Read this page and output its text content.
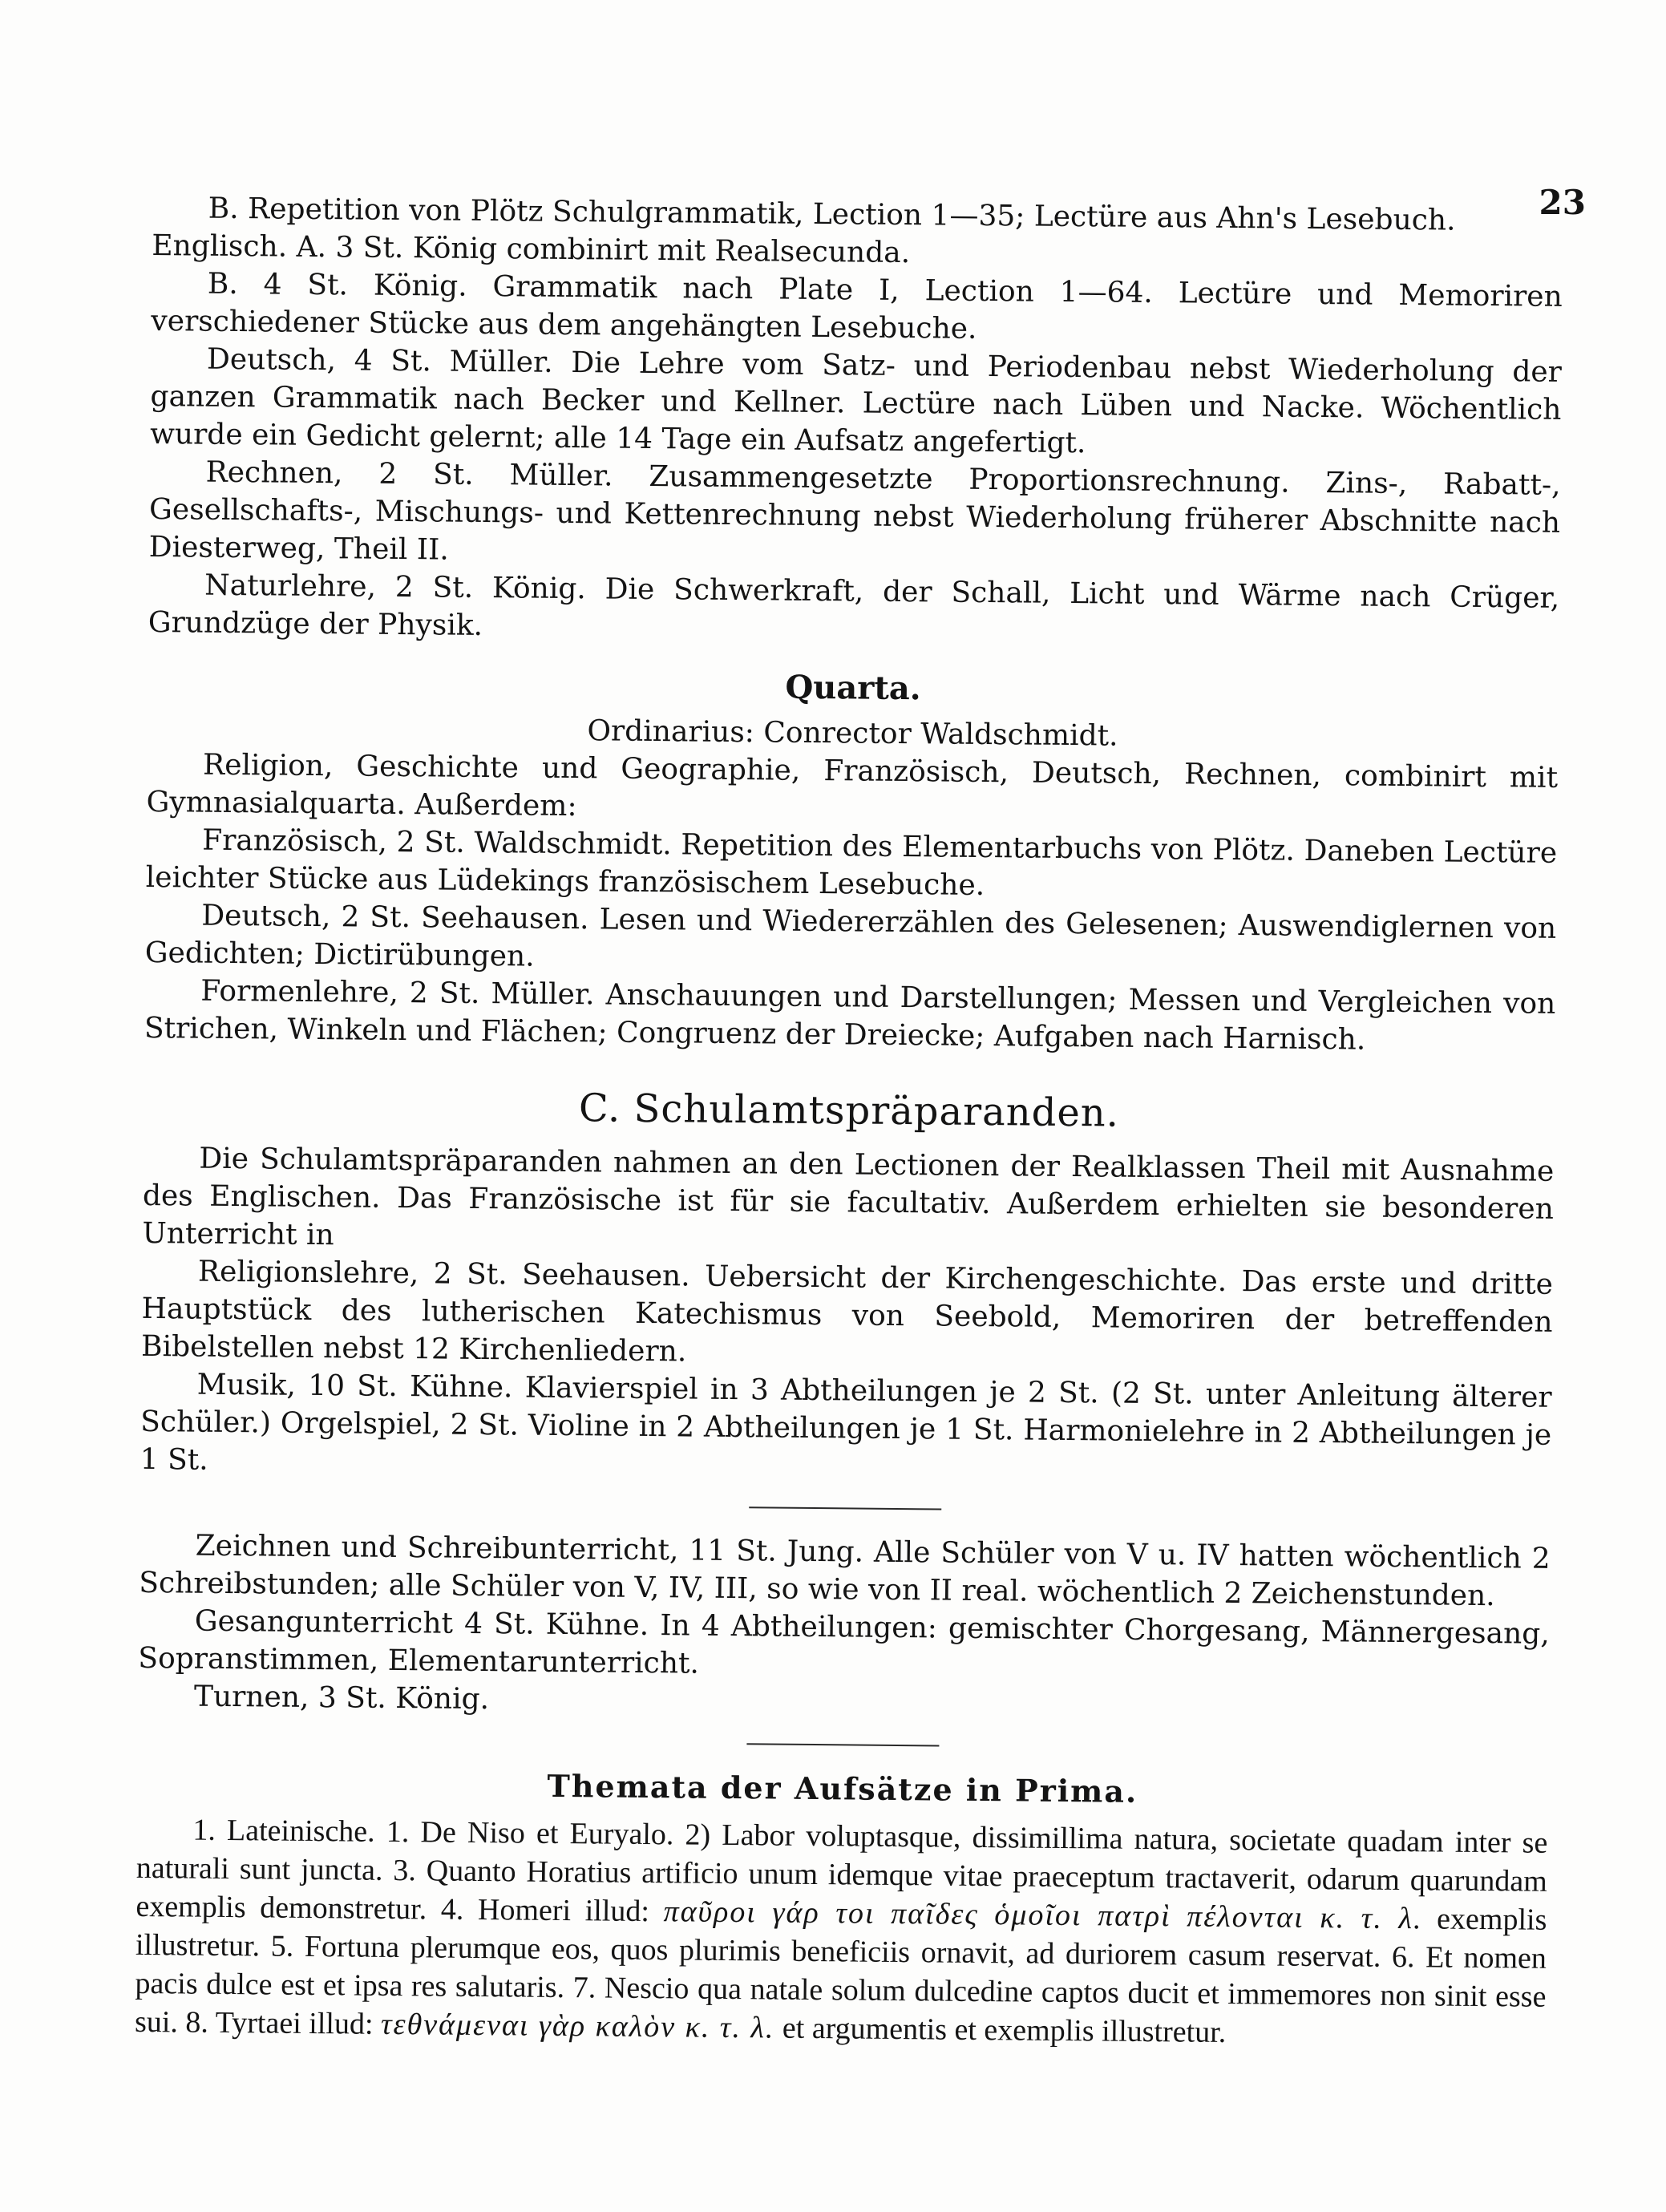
23

B. Repetition von Plötz Schulgrammatik, Lection 1—35; Lectüre aus Ahn's Lesebuch.

Englisch. A. 3 St. König combinirt mit Realsecunda.

B. 4 St. König. Grammatik nach Plate I, Lection 1—64. Lectüre und Memoriren verschiedener Stücke aus dem angehängten Lesebuche.

Deutsch, 4 St. Müller. Die Lehre vom Satz- und Periodenbau nebst Wiederholung der ganzen Grammatik nach Becker und Kellner. Lectüre nach Lüben und Nacke. Wöchentlich wurde ein Gedicht gelernt; alle 14 Tage ein Aufsatz angefertigt.

Rechnen, 2 St. Müller. Zusammengesetzte Proportionsrechnung. Zins-, Rabatt-, Gesellschafts-, Mischungs- und Kettenrechnung nebst Wiederholung früherer Abschnitte nach Diesterweg, Theil II.

Naturlehre, 2 St. König. Die Schwerkraft, der Schall, Licht und Wärme nach Crüger, Grundzüge der Physik.

Quarta.

Ordinarius: Conrector Waldschmidt.

Religion, Geschichte und Geographie, Französisch, Deutsch, Rechnen, combinirt mit Gymnasialquarta. Außerdem:

Französisch, 2 St. Waldschmidt. Repetition des Elementarbuchs von Plötz. Daneben Lectüre leichter Stücke aus Lüdekings französischem Lesebuche.

Deutsch, 2 St. Seehausen. Lesen und Wiedererzählen des Gelesenen; Auswendiglernen von Gedichten; Dictirübungen.

Formenlehre, 2 St. Müller. Anschauungen und Darstellungen; Messen und Vergleichen von Strichen, Winkeln und Flächen; Congruenz der Dreiecke; Aufgaben nach Harnisch.

C. Schulamtspräparanden.

Die Schulamtspräparanden nahmen an den Lectionen der Realklassen Theil mit Ausnahme des Englischen. Das Französische ist für sie facultativ. Außerdem erhielten sie besonderen Unterricht in

Religionslehre, 2 St. Seehausen. Uebersicht der Kirchengeschichte. Das erste und dritte Hauptstück des lutherischen Katechismus von Seebold, Memoriren der betreffenden Bibelstellen nebst 12 Kirchenliedern.

Musik, 10 St. Kühne. Klavierspiel in 3 Abtheilungen je 2 St. (2 St. unter Anleitung älterer Schüler.) Orgelspiel, 2 St. Violine in 2 Abtheilungen je 1 St. Harmonielehre in 2 Abtheilungen je 1 St.

Zeichnen und Schreibunterricht, 11 St. Jung. Alle Schüler von V u. IV hatten wöchentlich 2 Schreibstunden; alle Schüler von V, IV, III, so wie von II real. wöchentlich 2 Zeichenstunden.

Gesangunterricht 4 St. Kühne. In 4 Abtheilungen: gemischter Chorgesang, Männergesang, Sopranstimmen, Elementarunterricht.

Turnen, 3 St. König.

Themata der Aufsätze in Prima.

1. Lateinische. 1. De Niso et Euryalo. 2) Labor voluptasque, dissimillima natura, societate quadam inter se naturali sunt juncta. 3. Quanto Horatius artificio unum idemque vitae praeceptum tractaverit, odarum quarundam exemplis demonstretur. 4. Homeri illud: παῦροι γάρ τοι παῖδες ὁμοῖοι πατρὶ πέλονται κ. τ. λ. exemplis illustretur. 5. Fortuna plerumque eos, quos plurimis beneficiis ornavit, ad duriorem casum reservat. 6. Et nomen pacis dulce est et ipsa res salutaris. 7. Nescio qua natale solum dulcedine captos ducit et immemores non sinit esse sui. 8. Tyrtaei illud: τεθνάμεναι γὰρ καλὸν κ. τ. λ. et argumentis et exemplis illustretur.
